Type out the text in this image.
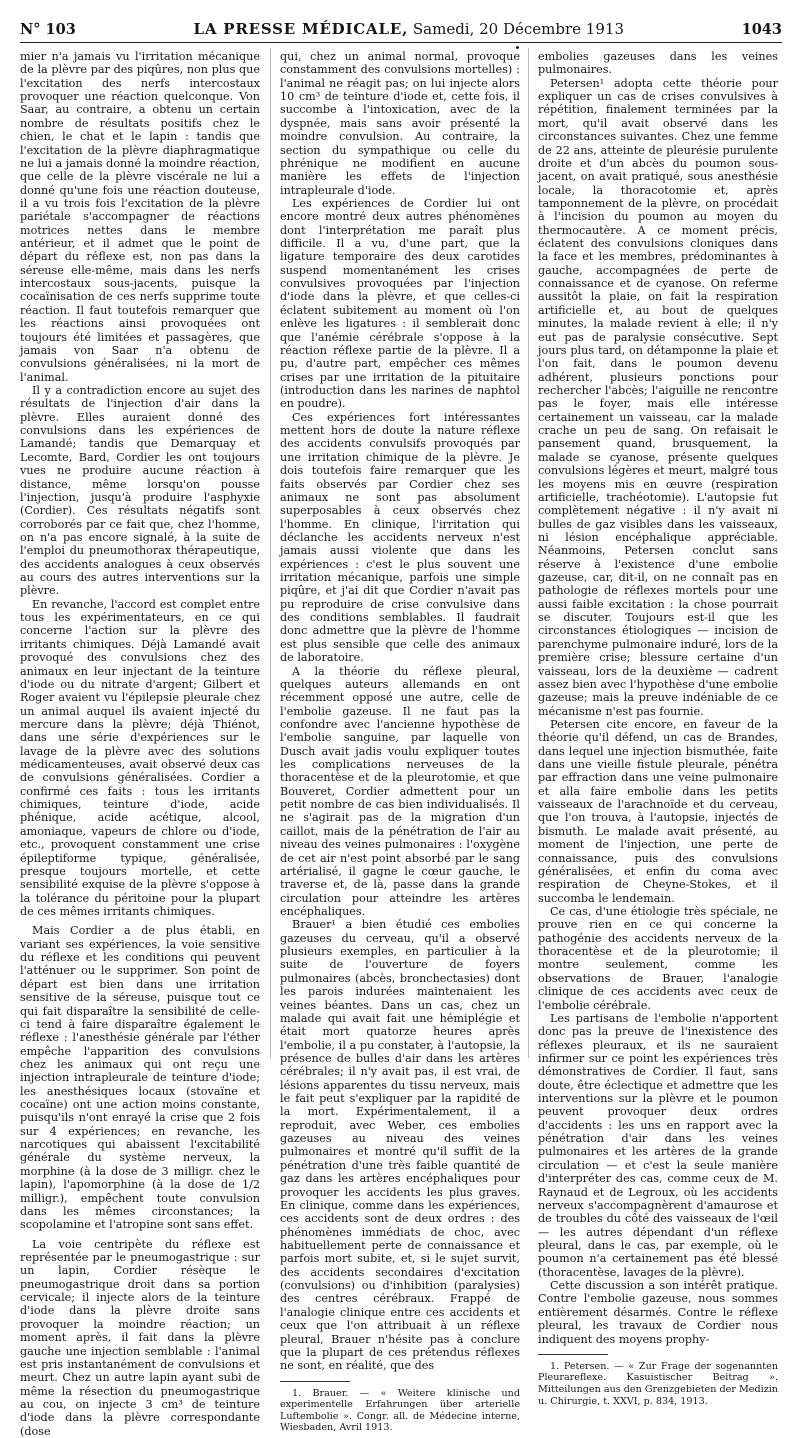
N° 103	LA PRESSE MÉDICALE, Samedi, 20 Décembre 1913	1043

mier n'a jamais vu l'irritation mécanique de la plèvre par des piqûres, non plus que l'excitation des nerfs intercostaux provoquer une réaction quelconque. Von Saar, au contraire, a obtenu un certain nombre de résultats positifs chez le chien, le chat et le lapin : tandis que l'excitation de la plèvre diaphragmatique ne lui a jamais donné la moindre réaction, que celle de la plèvre viscérale ne lui a donné qu'une fois une réaction douteuse, il a vu trois fois l'excitation de la plèvre pariétale s'accompagner de réactions motrices nettes dans le membre antérieur, et il admet que le point de départ du réflexe est, non pas dans la séreuse elle-même, mais dans les nerfs intercostaux sous-jacents, puisque la cocaïnisation de ces nerfs supprime toute réaction. Il faut toutefois remarquer que les réactions ainsi provoquées ont toujours été limitées et passagères, que jamais von Saar n'a obtenu de convulsions généralisées, ni la mort de l'animal.

Il y a contradiction encore au sujet des résultats de l'injection d'air dans la plèvre. Elles auraient donné des convulsions dans les expériences de Lamandé; tandis que Demarquay et Lecomte, Bard, Cordier les ont toujours vues ne produire aucune réaction à distance, même lorsqu'on pousse l'injection, jusqu'à produire l'asphyxie (Cordier). Ces résultats négatifs sont corroborés par ce fait que, chez l'homme, on n'a pas encore signalé, à la suite de l'emploi du pneumothorax thérapeutique, des accidents analogues à ceux observés au cours des autres interventions sur la plèvre.

En revanche, l'accord est complet entre tous les expérimentateurs, en ce qui concerne l'action sur la plèvre des irritants chimiques. Déjà Lamandé avait provoqué des convulsions chez des animaux en leur injectant de la teinture d'iode ou du nitrate d'argent; Gilbert et Roger avaient vu l'épilepsie pleurale chez un animal auquel ils avaient injecté du mercure dans la plèvre; déjà Thiénot, dans une série d'expériences sur le lavage de la plèvre avec des solutions médicamenteuses, avait observé deux cas de convulsions généralisées. Cordier a confirmé ces faits : tous les irritants chimiques, teinture d'iode, acide phénique, acide acétique, alcool, amoniaque, vapeurs de chlore ou d'iode, etc., provoquent constamment une crise épileptiforme typique, généralisée, presque toujours mortelle, et cette sensibilité exquise de la plèvre s'oppose à la tolérance du péritoine pour la plupart de ces mêmes irritants chimiques.

Mais Cordier a de plus établi, en variant ses expériences, la voie sensitive du réflexe et les conditions qui peuvent l'atténuer ou le supprimer. Son point de départ est bien dans une irritation sensitive de la séreuse, puisque tout ce qui fait disparaître la sensibilité de celle-ci tend à faire disparaître également le réflexe : l'anesthésie générale par l'éther empêche l'apparition des convulsions chez les animaux qui ont reçu une injection intrapleurale de teinture d'iode; les anesthésiques locaux (stovaïne et cocaïne) ont une action moins constante, puisqu'ils n'ont enrayé la crise que 2 fois sur 4 expériences; en revanche, les narcotiques qui abaissent l'excitabilité générale du système nerveux, la morphine (à la dose de 3 milligr. chez le lapin), l'apomorphine (à la dose de 1/2 milligr.), empêchent toute convulsion dans les mêmes circonstances; la scopolamine et l'atropine sont sans effet.

La voie centripète du réflexe est représentée par le pneumogastrique : sur un lapin, Cordier résèque le pneumogastrique droit dans sa portion cervicale; il injecte alors de la teinture d'iode dans la plèvre droite sans provoquer la moindre réaction; un moment après, il fait dans la plèvre gauche une injection semblable : l'animal est pris instantanément de convulsions et meurt. Chez un autre lapin ayant subi de même la résection du pneumogastrique au cou, on injecte 3 cm³ de teinture d'iode dans la plèvre correspondante (dose

qui, chez un animal normal, provoque constamment des convulsions mortelles) : l'animal ne réagit pas; on lui injecte alors 10 cm³ de teinture d'iode et, cette fois, il succombe à l'intoxication, avec de la dyspnée, mais sans avoir présenté la moindre convulsion. Au contraire, la section du sympathique ou celle du phrénique ne modifient en aucune manière les effets de l'injection intrapleurale d'iode.

Les expériences de Cordier lui ont encore montré deux autres phénomènes dont l'interprétation me paraît plus difficile. Il a vu, d'une part, que la ligature temporaire des deux carotides suspend momentanément les crises convulsives provoquées par l'injection d'iode dans la plèvre, et que celles-ci éclatent subitement au moment où l'on enlève les ligatures : il semblerait donc que l'anémie cérébrale s'oppose à la réaction réflexe partie de la plèvre. Il a pu, d'autre part, empêcher ces mêmes crises par une irritation de la pituitaire (introduction dans les narines de naphtol en poudre).

Ces expériences fort intéressantes mettent hors de doute la nature réflexe des accidents convulsifs provoqués par une irritation chimique de la plèvre. Je dois toutefois faire remarquer que les faits observés par Cordier chez ses animaux ne sont pas absolument superposables à ceux observés chez l'homme. En clinique, l'irritation qui déclanche les accidents nerveux n'est jamais aussi violente que dans les expériences : c'est le plus souvent une irritation mécanique, parfois une simple piqûre, et j'ai dit que Cordier n'avait pas pu reproduire de crise convulsive dans des conditions semblables. Il faudrait donc admettre que la plèvre de l'homme est plus sensible que celle des animaux de laboratoire.

A la théorie du réflexe pleural, quelques auteurs allemands en ont récemment opposé une autre, celle de l'embolie gazeuse. Il ne faut pas la confondre avec l'ancienne hypothèse de l'embolie sanguine, par laquelle von Dusch avait jadis voulu expliquer toutes les complications nerveuses de la thoracentèse et de la pleurotomie, et que Bouveret, Cordier admettent pour un petit nombre de cas bien individualisés. Il ne s'agirait pas de la migration d'un caillot, mais de la pénétration de l'air au niveau des veines pulmonaires : l'oxygène de cet air n'est point absorbé par le sang artérialisé, il gagne le cœur gauche, le traverse et, de là, passe dans la grande circulation pour atteindre les artères encéphaliques.

Brauer¹ a bien étudié ces embolies gazeuses du cerveau, qu'il a observé plusieurs exemples, en particulier à la suite de l'ouverture de foyers pulmonaires (abcès, bronchectasies) dont les parois indurées maintenaient les veines béantes. Dans un cas, chez un malade qui avait fait une hémiplégie et était mort quatorze heures après l'embolie, il a pu constater, à l'autopsie, la présence de bulles d'air dans les artères cérébrales; il n'y avait pas, il est vrai, de lésions apparentes du tissu nerveux, mais le fait peut s'expliquer par la rapidité de la mort. Expérimentalement, il a reproduit, avec Weber, ces embolies gazeuses au niveau des veines pulmonaires et montré qu'il suffit de la pénétration d'une très faible quantité de gaz dans les artères encéphaliques pour provoquer les accidents les plus graves. En clinique, comme dans les expériences, ces accidents sont de deux ordres : des phénomènes immédiats de choc, avec habituellement perte de connaissance et parfois mort subite, et, si le sujet survit, des accidents secondaires d'excitation (convulsions) ou d'inhibition (paralysies) des centres cérébraux. Frappé de l'analogie clinique entre ces accidents et ceux que l'on attribuait à un réflexe pleural, Brauer n'hésite pas à conclure que la plupart de ces prétendus réflexes ne sont, en réalité, que des

1. Brauer. — « Weitere klinische und experimentelle Erfahrungen über arterielle Luftembolie ». Congr. all. de Médecine interne, Wiesbaden, Avril 1913.

embolies gazeuses dans les veines pulmonaires.

Petersen¹ adopta cette théorie pour expliquer un cas de crises convulsives à répétition, finalement terminées par la mort, qu'il avait observé dans les circonstances suivantes. Chez une femme de 22 ans, atteinte de pleurésie purulente droite et d'un abcès du poumon sous-jacent, on avait pratiqué, sous anesthésie locale, la thoracotomie et, après tamponnement de la plèvre, on procédait à l'incision du poumon au moyen du thermocautère. A ce moment précis, éclatent des convulsions cloniques dans la face et les membres, prédominantes à gauche, accompagnées de perte de connaissance et de cyanose. On referme aussitôt la plaie, on fait la respiration artificielle et, au bout de quelques minutes, la malade revient à elle; il n'y eut pas de paralysie consécutive. Sept jours plus tard, on détamponne la plaie et l'on fait, dans le poumon devenu adhérent, plusieurs ponctions pour rechercher l'abcès; l'aiguille ne rencontre pas le foyer, mais elle intéresse certainement un vaisseau, car la malade crache un peu de sang. On refaisait le pansement quand, brusquement, la malade se cyanose, présente quelques convulsions légères et meurt, malgré tous les moyens mis en œuvre (respiration artificielle, trachéotomie). L'autopsie fut complètement négative : il n'y avait ni bulles de gaz visibles dans les vaisseaux, ni lésion encéphalique appréciable. Néanmoins, Petersen conclut sans réserve à l'existence d'une embolie gazeuse, car, dit-il, on ne connaît pas en pathologie de réflexes mortels pour une aussi faible excitation : la chose pourrait se discuter. Toujours est-il que les circonstances étiologiques — incision de parenchyme pulmonaire induré, lors de la première crise; blessure certaine d'un vaisseau, lors de la deuxième — cadrent assez bien avec l'hypothèse d'une embolie gazeuse; mais la preuve indéniable de ce mécanisme n'est pas fournie.

Petersen cite encore, en faveur de la théorie qu'il défend, un cas de Brandes, dans lequel une injection bismuthée, faite dans une vieille fistule pleurale, pénétra par effraction dans une veine pulmonaire et alla faire embolie dans les petits vaisseaux de l'arachnoïde et du cerveau, que l'on trouva, à l'autopsie, injectés de bismuth. Le malade avait présenté, au moment de l'injection, une perte de connaissance, puis des convulsions généralisées, et enfin du coma avec respiration de Cheyne-Stokes, et il succomba le lendemain.

Ce cas, d'une étiologie très spéciale, ne prouve rien en ce qui concerne la pathogénie des accidents nerveux de la thoracentèse et de la pleurotomie; il montre seulement, comme les observations de Brauer, l'analogie clinique de ces accidents avec ceux de l'embolie cérébrale.

Les partisans de l'embolie n'apportent donc pas la preuve de l'inexistence des réflexes pleuraux, et ils ne sauraient infirmer sur ce point les expériences très démonstratives de Cordier. Il faut, sans doute, être éclectique et admettre que les interventions sur la plèvre et le poumon peuvent provoquer deux ordres d'accidents : les uns en rapport avec la pénétration d'air dans les veines pulmonaires et les artères de la grande circulation — et c'est la seule manière d'interpréter des cas, comme ceux de M. Raynaud et de Legroux, où les accidents nerveux s'accompagnèrent d'amaurose et de troubles du côté des vaisseaux de l'œil — les autres dépendant d'un réflexe pleural, dans le cas, par exemple, où le poumon n'a certainement pas été blessé (thoracentèse, lavages de la plèvre).

Cette discussion a son intérêt pratique. Contre l'embolie gazeuse, nous sommes entièrement désarmés. Contre le réflexe pleural, les travaux de Cordier nous indiquent des moyens prophy-

1. Petersen. — « Zur Frage der sogenannten Pleurareflexe. Kasuistischer Beitrag ». Mitteilungen aus den Grenzgebieten der Medizin u. Chirurgie, t. XXVI, p. 834, 1913.
